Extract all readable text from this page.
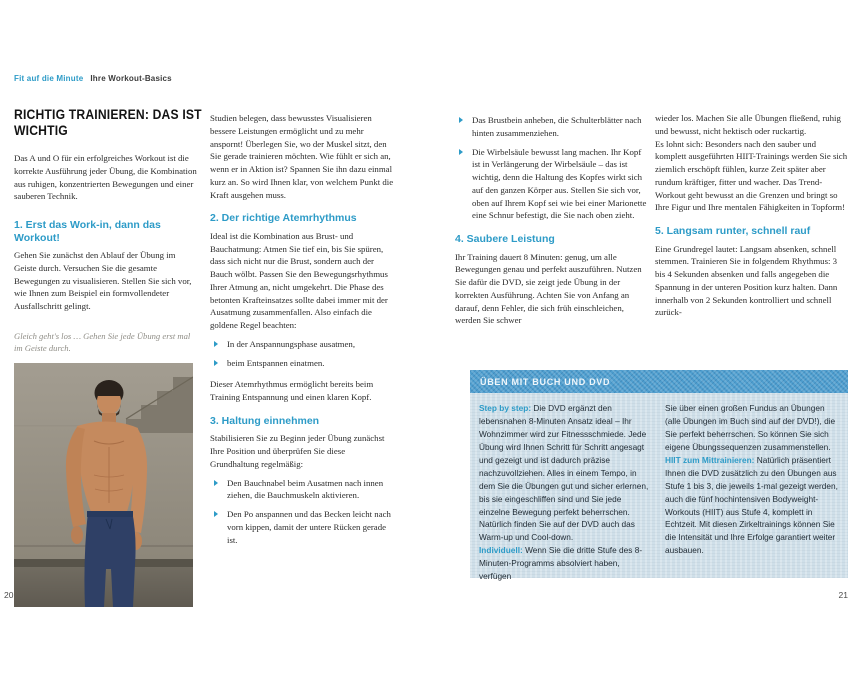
Fit auf die Minute Ihre Workout-Basics
RICHTIG TRAINIEREN: DAS IST
WICHTIG

Das A und O für ein erfolgreiches Workout ist die korrekte Ausführung jeder Übung, die Kombination aus ruhigen, konzentrierten Bewegungen und einer sauberen Technik.

1. Erst das Work-in, dann das Workout!

Gehen Sie zunächst den Ablauf der Übung im Geiste durch. Versuchen Sie die gesamte Bewegungen zu visualisieren. Stellen Sie sich vor, wie Ihnen zum Beispiel ein formvollendeter Ausfallschritt gelingt.

Gleich geht's los … Gehen Sie jede Übung erst mal im Geiste durch.

Studien belegen, dass bewusstes Visualisieren bessere Leistungen ermöglicht und zu mehr anspornt! Überlegen Sie, wo der Muskel sitzt, den Sie gerade trainieren möchten. Wie fühlt er sich an, wenn er in Aktion ist? Spannen Sie ihn dazu einmal kurz an. So wird Ihnen klar, von welchem Punkt die Kraft ausgehen muss.

2. Der richtige Atemrhythmus

Ideal ist die Kombination aus Brust- und Bauchatmung: Atmen Sie tief ein, bis Sie spüren, dass sich nicht nur die Brust, sondern auch der Bauch wölbt. Passen Sie den Bewegungsrhythmus Ihrer Atmung an, nicht umgekehrt. Die Phase des betonten Krafteinsatzes sollte dabei immer mit der Ausatmung zusammenfallen. Also einfach die goldene Regel beachten:

In der Anspannungsphase ausatmen,
beim Entspannen einatmen.

Dieser Atemrhythmus ermöglicht bereits beim Training Entspannung und einen klaren Kopf.

3. Haltung einnehmen

Stabilisieren Sie zu Beginn jeder Übung zunächst Ihre Position und überprüfen Sie diese Grundhaltung regelmäßig:

Den Bauchnabel beim Ausatmen nach innen ziehen, die Bauchmuskeln aktivieren.
Den Po anspannen und das Becken leicht nach vorn kippen, damit der untere Rücken gerade ist.
Das Brustbein anheben, die Schulterblätter nach hinten zusammenziehen.
Die Wirbelsäule bewusst lang machen. Ihr Kopf ist in Verlängerung der Wirbelsäule – das ist wichtig, denn die Haltung des Kopfes wirkt sich auf den ganzen Körper aus. Stellen Sie sich vor, oben auf Ihrem Kopf sei wie bei einer Marionette eine Schnur befestigt, die Sie nach oben zieht.
4. Saubere Leistung

Ihr Training dauert 8 Minuten: genug, um alle Bewegungen genau und perfekt auszuführen. Nutzen Sie dafür die DVD, sie zeigt jede Übung in der korrekten Ausführung. Achten Sie von Anfang an darauf, denn Fehler, die sich früh einschleichen, werden Sie schwer

wieder los. Machen Sie alle Übungen fließend, ruhig und bewusst, nicht hektisch oder ruckartig.

Es lohnt sich: Besonders nach den sauber und komplett ausgeführten HIIT-Trainings werden Sie sich ziemlich erschöpft fühlen, kurze Zeit später aber rundum kräftiger, fitter und wacher. Das Trend-Workout geht bewusst an die Grenzen und bringt so Ihre Figur und Ihre mentalen Fähigkeiten in Topform!

5. Langsam runter, schnell rauf

Eine Grundregel lautet: Langsam absenken, schnell stemmen. Trainieren Sie in folgendem Rhythmus: 3 bis 4 Sekunden absenken und falls angegeben die Spannung in der unteren Position kurz halten. Dann innerhalb von 2 Sekunden kontrolliert und schnell zurück-

ÜBEN MIT BUCH UND DVD

Step by step: Die DVD ergänzt den lebensnahen 8-Minuten Ansatz ideal – Ihr Wohnzimmer wird zur Fitnessschmiede. Jede Übung wird Ihnen Schritt für Schritt angesagt und gezeigt und ist dadurch präzise nachzuvollziehen. Alles in einem Tempo, in dem Sie die Übungen gut und sicher erlernen, bis sie eingeschliffen sind und Sie jede einzelne Bewegung perfekt beherrschen. Natürlich finden Sie auf der DVD auch das Warm-up und Cool-down.

Individuell: Wenn Sie die dritte Stufe des 8-Minuten-Programms absolviert haben, verfügen

Sie über einen großen Fundus an Übungen (alle Übungen im Buch sind auf der DVD!), die Sie perfekt beherrschen. So können Sie sich eigene Übungssequenzen zusammenstellen.

HIIT zum Mittrainieren: Natürlich präsentiert Ihnen die DVD zusätzlich zu den Übungen aus Stufe 1 bis 3, die jeweils 1-mal gezeigt werden, auch die fünf hochintensiven Bodyweight-Workouts (HIIT) aus Stufe 4, komplett in Echtzeit. Mit diesen Zirkeltrainings können Sie die Intensität und Ihre Erfolge garantiert weiter ausbauen.

20	21
